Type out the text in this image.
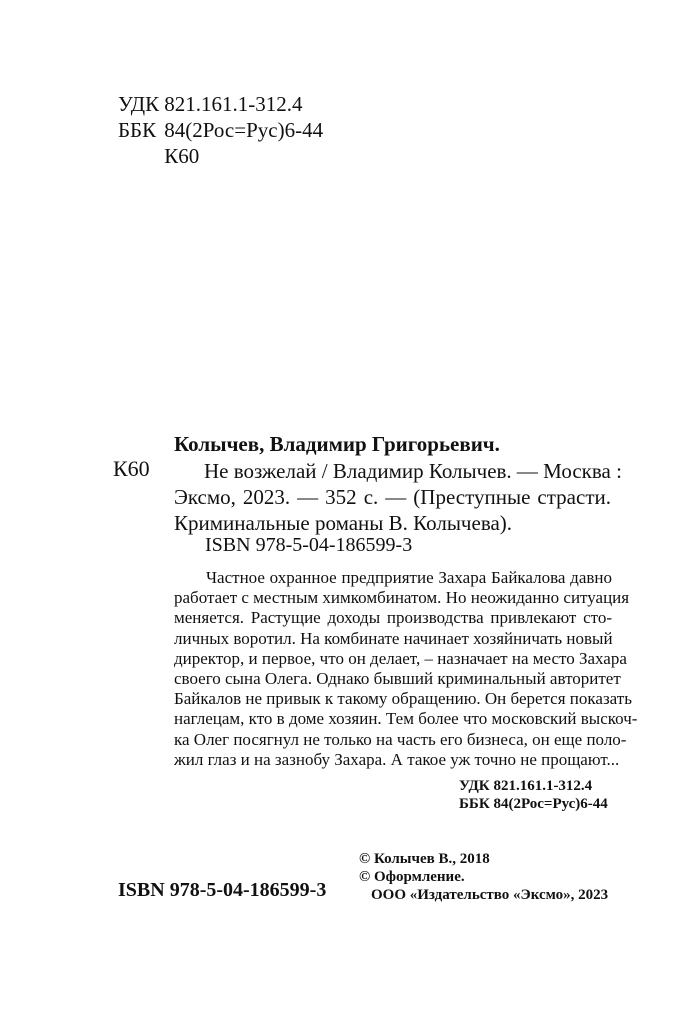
УДК 821.161.1-312.4
ББК 84(2Рос=Рус)6-44
К60
К60
Колычев, Владимир Григорьевич.
Не возжелай / Владимир Колычев. — Москва :
Эксмо, 2023. — 352 с. — (Преступные страсти.
Криминальные романы В. Колычева).
ISBN 978-5-04-186599-3
Частное охранное предприятие Захара Байкалова давно
работает с местным химкомбинатом. Но неожиданно ситуация
меняется. Растущие доходы производства привлекают сто-
личных воротил. На комбинате начинает хозяйничать новый
директор, и первое, что он делает, – назначает на место Захара
своего сына Олега. Однако бывший криминальный авторитет
Байкалов не привык к такому обращению. Он берется показать
наглецам, кто в доме хозяин. Тем более что московский выскоч-
ка Олег посягнул не только на часть его бизнеса, он еще поло-
жил глаз и на зазнобу Захара. А такое уж точно не прощают...
УДК 821.161.1-312.4
ББК 84(2Рос=Рус)6-44
ISBN 978-5-04-186599-3
© Колычев В., 2018
© Оформление.
ООО «Издательство «Эксмо», 2023
